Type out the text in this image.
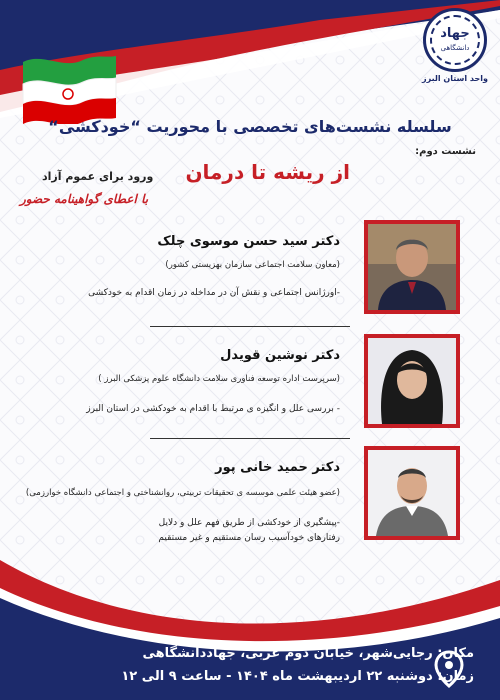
جهاد
دانشگاهی
واحد استان البرز
سلسله نشست‌های تخصصی با محوریت “خودکشی“
نشست دوم:
از ریشه تا درمان
ورود برای عموم آزاد
با اعطای گواهینامه حضور
دکتر سید حسن موسوی چلک
(معاون سلامت اجتماعی سازمان بهزیستی کشور)
-اورژانس اجتماعی و نقش آن در مداخله در زمان اقدام به خودکشی
دکتر نوشین قویدل
(سرپرست اداره توسعه فناوری سلامت دانشگاه علوم پزشکی البرز )
- بررسی علل و انگیزه ی مرتبط با اقدام به خودکشی در استان البرز
دکتر حمید خانی پور
(عضو هیئت علمی موسسه ی تحقیقات تربیتی، روانشناختی و اجتماعی دانشگاه خوارزمی)
-پیشگیری از خودکشی از طریق فهم علل و دلایل
رفتارهای خودآسیب رسان مستقیم و غیر مستقیم
مکان: رجایی‌شهر، خیابان دوم غربی، جهاددانشگاهی
زمان: دوشنبه ۲۲ اردیبهشت ماه ۱۴۰۴ - ساعت ۹ الی ۱۲
